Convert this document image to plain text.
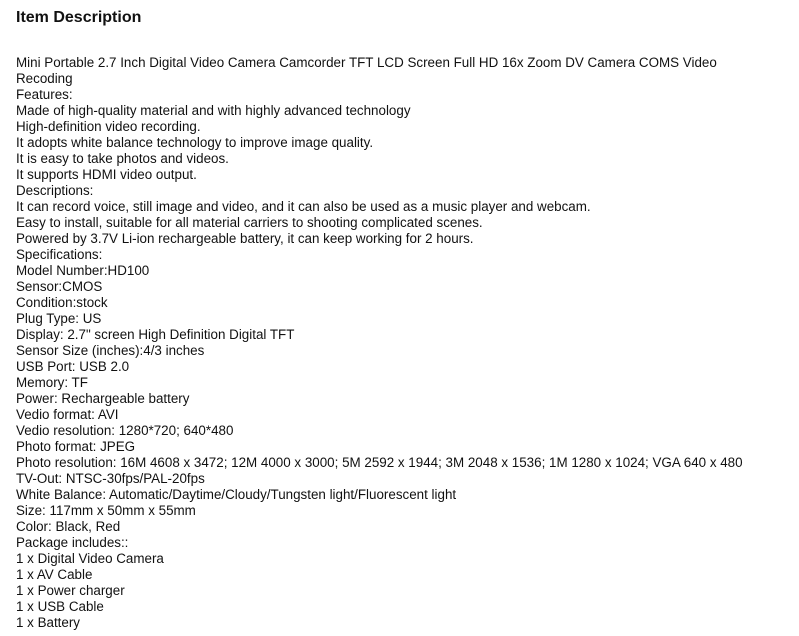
Item Description
Mini Portable 2.7 Inch Digital Video Camera Camcorder TFT LCD Screen Full HD 16x Zoom DV Camera COMS Video
Recoding
Features:
Made of high-quality material and with highly advanced technology
High-definition video recording.
It adopts white balance technology to improve image quality.
It is easy to take photos and videos.
It supports HDMI video output.
Descriptions:
It can record voice, still image and video, and it can also be used as a music player and webcam.
Easy to install, suitable for all material carriers to shooting complicated scenes.
Powered by 3.7V Li-ion rechargeable battery, it can keep working for 2 hours.
Specifications:
Model Number:HD100
Sensor:CMOS
Condition:stock
Plug Type: US
Display: 2.7" screen High Definition Digital TFT
Sensor Size (inches):4/3 inches
USB Port: USB 2.0
Memory: TF
Power: Rechargeable battery
Vedio format: AVI
Vedio resolution: 1280*720; 640*480
Photo format: JPEG
Photo resolution: 16M 4608 x 3472; 12M 4000 x 3000; 5M 2592 x 1944; 3M 2048 x 1536; 1M 1280 x 1024; VGA 640 x 480
TV-Out: NTSC-30fps/PAL-20fps
White Balance: Automatic/Daytime/Cloudy/Tungsten light/Fluorescent light
Size: 117mm x 50mm x 55mm
Color: Black, Red
Package includes::
1 x Digital Video Camera
1 x AV Cable
1 x Power charger
1 x USB Cable
1 x Battery
